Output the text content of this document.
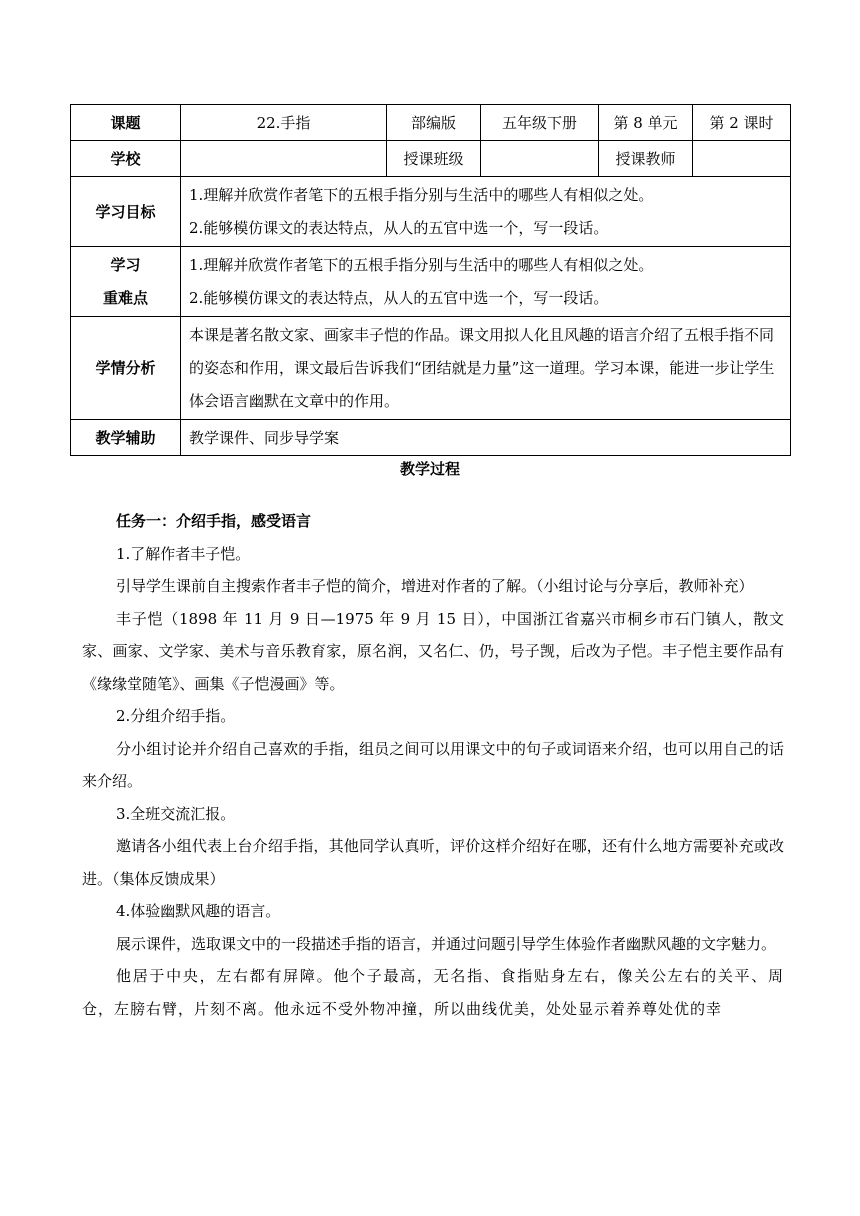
课题	22.手指	部编版	五年级下册	第 8 单元	第 2 课时
学校		授课班级		授课教师	
学习目标	1.理解并欣赏作者笔下的五根手指分别与生活中的哪些人有相似之处。
2.能够模仿课文的表达特点，从人的五官中选一个，写一段话。				

学习
重难点	1.理解并欣赏作者笔下的五根手指分别与生活中的哪些人有相似之处。
2.能够模仿课文的表达特点，从人的五官中选一个，写一段话。				

学情分析	本课是著名散文家、画家丰子恺的作品。课文用拟人化且风趣的语言介绍了五根手指不同的姿态和作用，课文最后告诉我们“团结就是力量”这一道理。学习本课，能进一步让学生体会语言幽默在文章中的作用。				
教学辅助	教学课件、同步导学案				
教学过程

任务一：介绍手指，感受语言

1.了解作者丰子恺。

引导学生课前自主搜索作者丰子恺的简介，增进对作者的了解。（小组讨论与分享后，教师补充）

丰子恺（1898 年 11 月 9 日—1975 年 9 月 15 日），中国浙江省嘉兴市桐乡市石门镇人，散文家、画家、文学家、美术与音乐教育家，原名润，又名仁、仍，号子觊，后改为子恺。丰子恺主要作品有《缘缘堂随笔》、画集《子恺漫画》等。

2.分组介绍手指。

分小组讨论并介绍自己喜欢的手指，组员之间可以用课文中的句子或词语来介绍，也可以用自己的话来介绍。

3.全班交流汇报。

邀请各小组代表上台介绍手指，其他同学认真听，评价这样介绍好在哪，还有什么地方需要补充或改进。（集体反馈成果）

4.体验幽默风趣的语言。

展示课件，选取课文中的一段描述手指的语言，并通过问题引导学生体验作者幽默风趣的文字魅力。

他居于中央，左右都有屏障。他个子最高，无名指、食指贴身左右，像关公左右的关平、周仓，左膀右臂，片刻不离。他永远不受外物冲撞，所以曲线优美，处处显示着养尊处优的幸
